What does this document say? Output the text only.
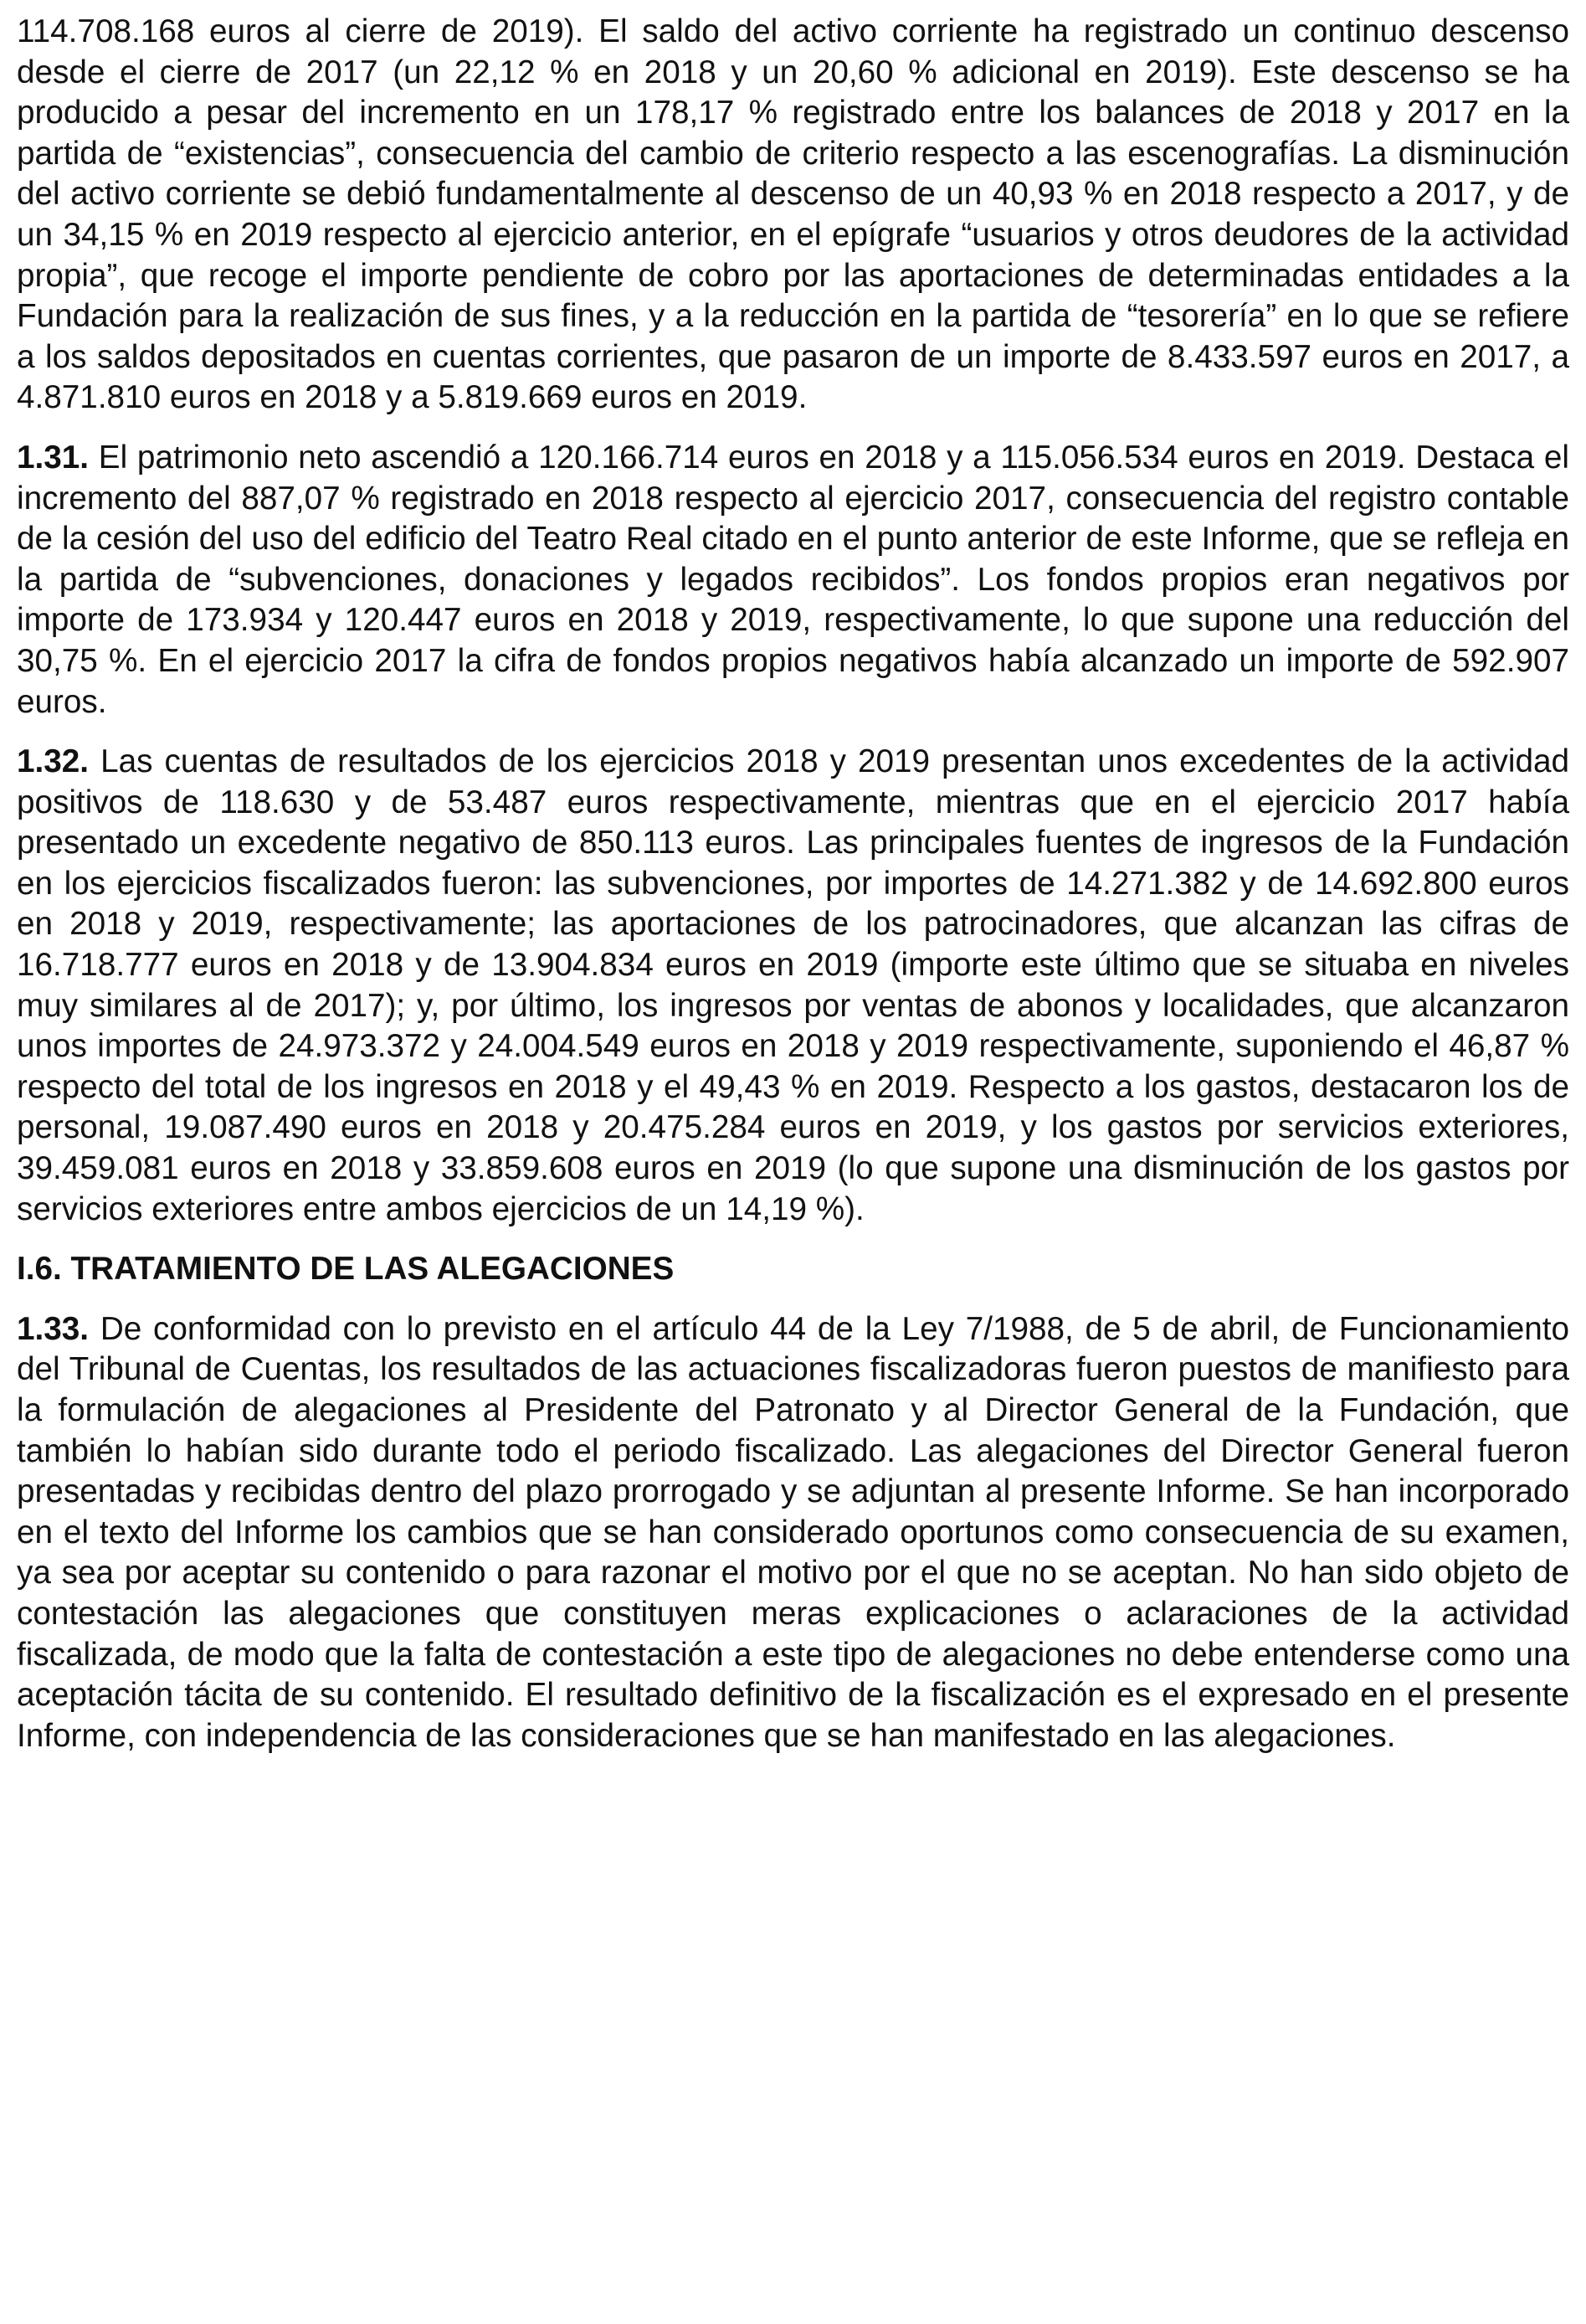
114.708.168 euros al cierre de 2019). El saldo del activo corriente ha registrado un continuo descenso desde el cierre de 2017 (un 22,12 % en 2018 y un 20,60 % adicional en 2019). Este descenso se ha producido a pesar del incremento en un 178,17 % registrado entre los balances de 2018 y 2017 en la partida de “existencias”, consecuencia del cambio de criterio respecto a las escenografías. La disminución del activo corriente se debió fundamentalmente al descenso de un 40,93 % en 2018 respecto a 2017, y de un 34,15 % en 2019 respecto al ejercicio anterior, en el epígrafe “usuarios y otros deudores de la actividad propia”, que recoge el importe pendiente de cobro por las aportaciones de determinadas entidades a la Fundación para la realización de sus fines, y a la reducción en la partida de “tesorería” en lo que se refiere a los saldos depositados en cuentas corrientes, que pasaron de un importe de 8.433.597 euros en 2017, a 4.871.810 euros en 2018 y a 5.819.669 euros en 2019.

1.31. El patrimonio neto ascendió a 120.166.714 euros en 2018 y a 115.056.534 euros en 2019. Destaca el incremento del 887,07 % registrado en 2018 respecto al ejercicio 2017, consecuencia del registro contable de la cesión del uso del edificio del Teatro Real citado en el punto anterior de este Informe, que se refleja en la partida de “subvenciones, donaciones y legados recibidos”. Los fondos propios eran negativos por importe de 173.934 y 120.447 euros en 2018 y 2019, respectivamente, lo que supone una reducción del 30,75 %. En el ejercicio 2017 la cifra de fondos propios negativos había alcanzado un importe de 592.907 euros.

1.32. Las cuentas de resultados de los ejercicios 2018 y 2019 presentan unos excedentes de la actividad positivos de 118.630 y de 53.487 euros respectivamente, mientras que en el ejercicio 2017 había presentado un excedente negativo de 850.113 euros. Las principales fuentes de ingresos de la Fundación en los ejercicios fiscalizados fueron: las subvenciones, por importes de 14.271.382 y de 14.692.800 euros en 2018 y 2019, respectivamente; las aportaciones de los patrocinadores, que alcanzan las cifras de 16.718.777 euros en 2018 y de 13.904.834 euros en 2019 (importe este último que se situaba en niveles muy similares al de 2017); y, por último, los ingresos por ventas de abonos y localidades, que alcanzaron unos importes de 24.973.372 y 24.004.549 euros en 2018 y 2019 respectivamente, suponiendo el 46,87 % respecto del total de los ingresos en 2018 y el 49,43 % en 2019. Respecto a los gastos, destacaron los de personal, 19.087.490 euros en 2018 y 20.475.284 euros en 2019, y los gastos por servicios exteriores, 39.459.081 euros en 2018 y 33.859.608 euros en 2019 (lo que supone una disminución de los gastos por servicios exteriores entre ambos ejercicios de un 14,19 %).

I.6. TRATAMIENTO DE LAS ALEGACIONES

1.33. De conformidad con lo previsto en el artículo 44 de la Ley 7/1988, de 5 de abril, de Funcionamiento del Tribunal de Cuentas, los resultados de las actuaciones fiscalizadoras fueron puestos de manifiesto para la formulación de alegaciones al Presidente del Patronato y al Director General de la Fundación, que también lo habían sido durante todo el periodo fiscalizado. Las alegaciones del Director General fueron presentadas y recibidas dentro del plazo prorrogado y se adjuntan al presente Informe. Se han incorporado en el texto del Informe los cambios que se han considerado oportunos como consecuencia de su examen, ya sea por aceptar su contenido o para razonar el motivo por el que no se aceptan. No han sido objeto de contestación las alegaciones que constituyen meras explicaciones o aclaraciones de la actividad fiscalizada, de modo que la falta de contestación a este tipo de alegaciones no debe entenderse como una aceptación tácita de su contenido. El resultado definitivo de la fiscalización es el expresado en el presente Informe, con independencia de las consideraciones que se han manifestado en las alegaciones.
